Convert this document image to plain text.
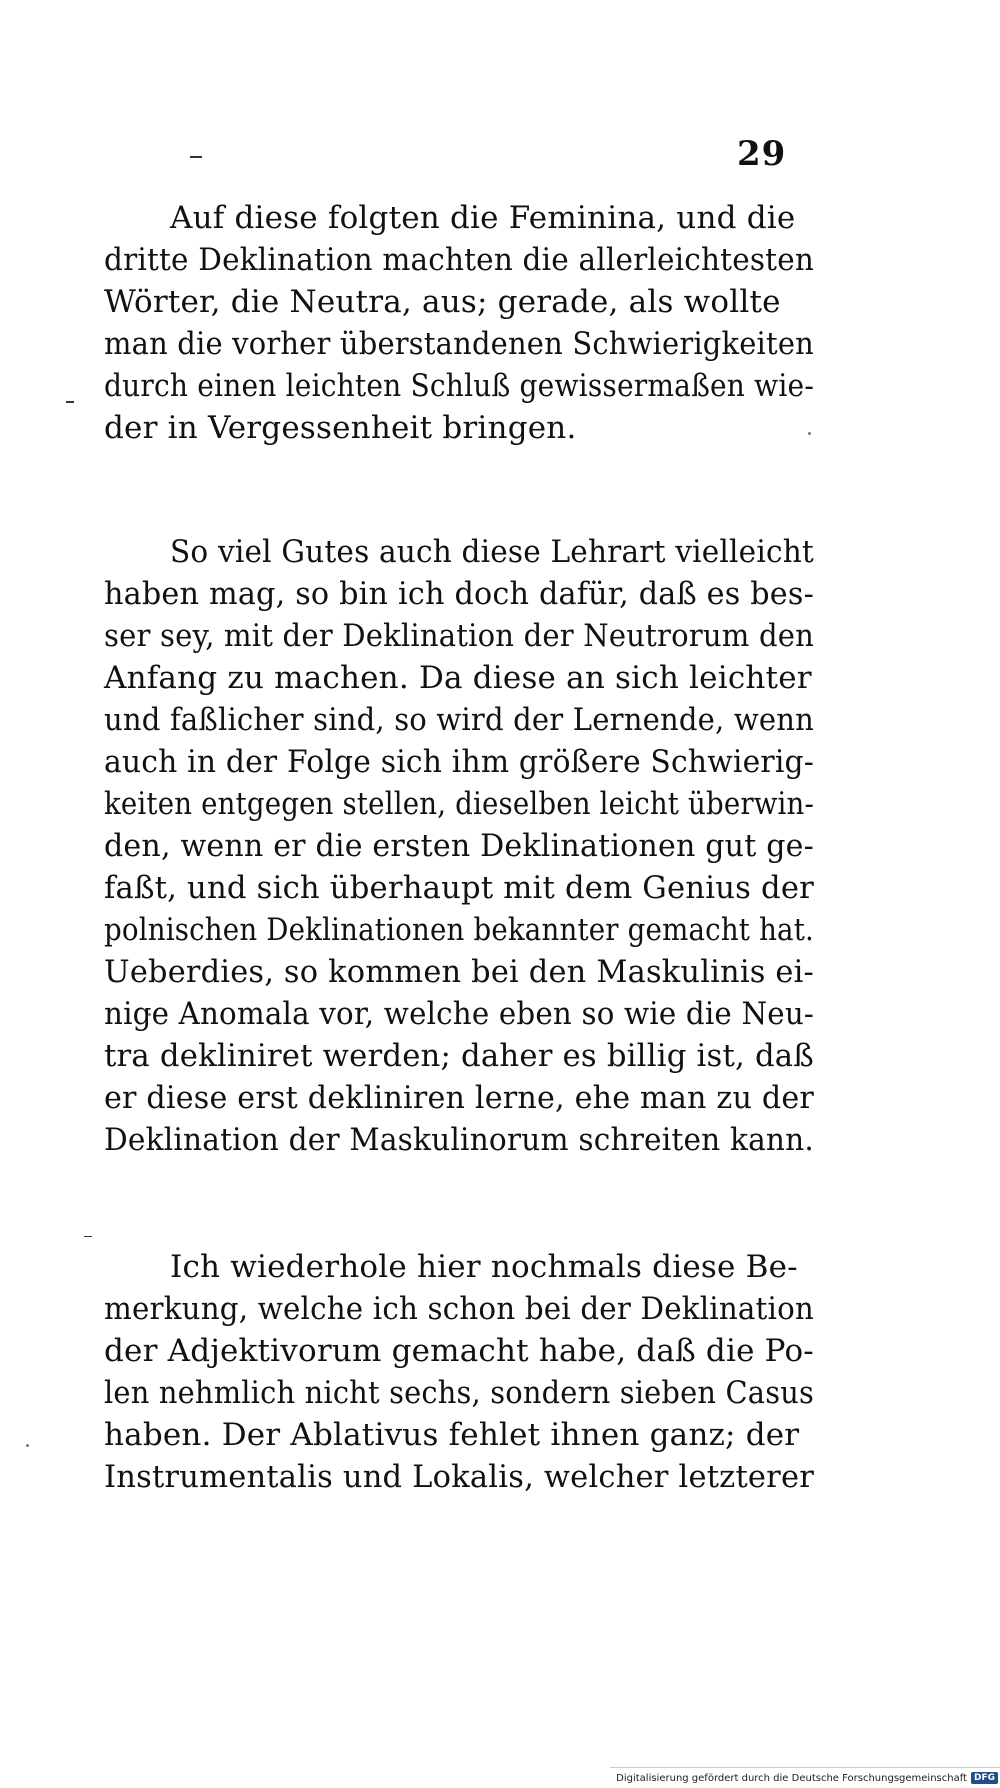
29
Auf diese folgten die Feminina, und die
dritte Deklination machten die allerleichtesten
Wörter, die Neutra, aus; gerade, als wollte
man die vorher überstandenen Schwierigkeiten
durch einen leichten Schluß gewissermaßen wie-
der in Vergessenheit bringen.
So viel Gutes auch diese Lehrart vielleicht
haben mag, so bin ich doch dafür, daß es bes-
ser sey, mit der Deklination der Neutrorum den
Anfang zu machen. Da diese an sich leichter
und faßlicher sind, so wird der Lernende, wenn
auch in der Folge sich ihm größere Schwierig-
keiten entgegen stellen, dieselben leicht überwin-
den, wenn er die ersten Deklinationen gut ge-
faßt, und sich überhaupt mit dem Genius der
polnischen Deklinationen bekannter gemacht hat.
Ueberdies, so kommen bei den Maskulinis ei-
nige Anomala vor, welche eben so wie die Neu-
tra dekliniret werden; daher es billig ist, daß
er diese erst dekliniren lerne, ehe man zu der
Deklination der Maskulinorum schreiten kann.
Ich wiederhole hier nochmals diese Be-
merkung, welche ich schon bei der Deklination
der Adjektivorum gemacht habe, daß die Po-
len nehmlich nicht sechs, sondern sieben Casus
haben. Der Ablativus fehlet ihnen ganz; der
Instrumentalis und Lokalis, welcher letzterer
Digitalisierung gefördert durch die Deutsche Forschungsgemeinschaft DFG
